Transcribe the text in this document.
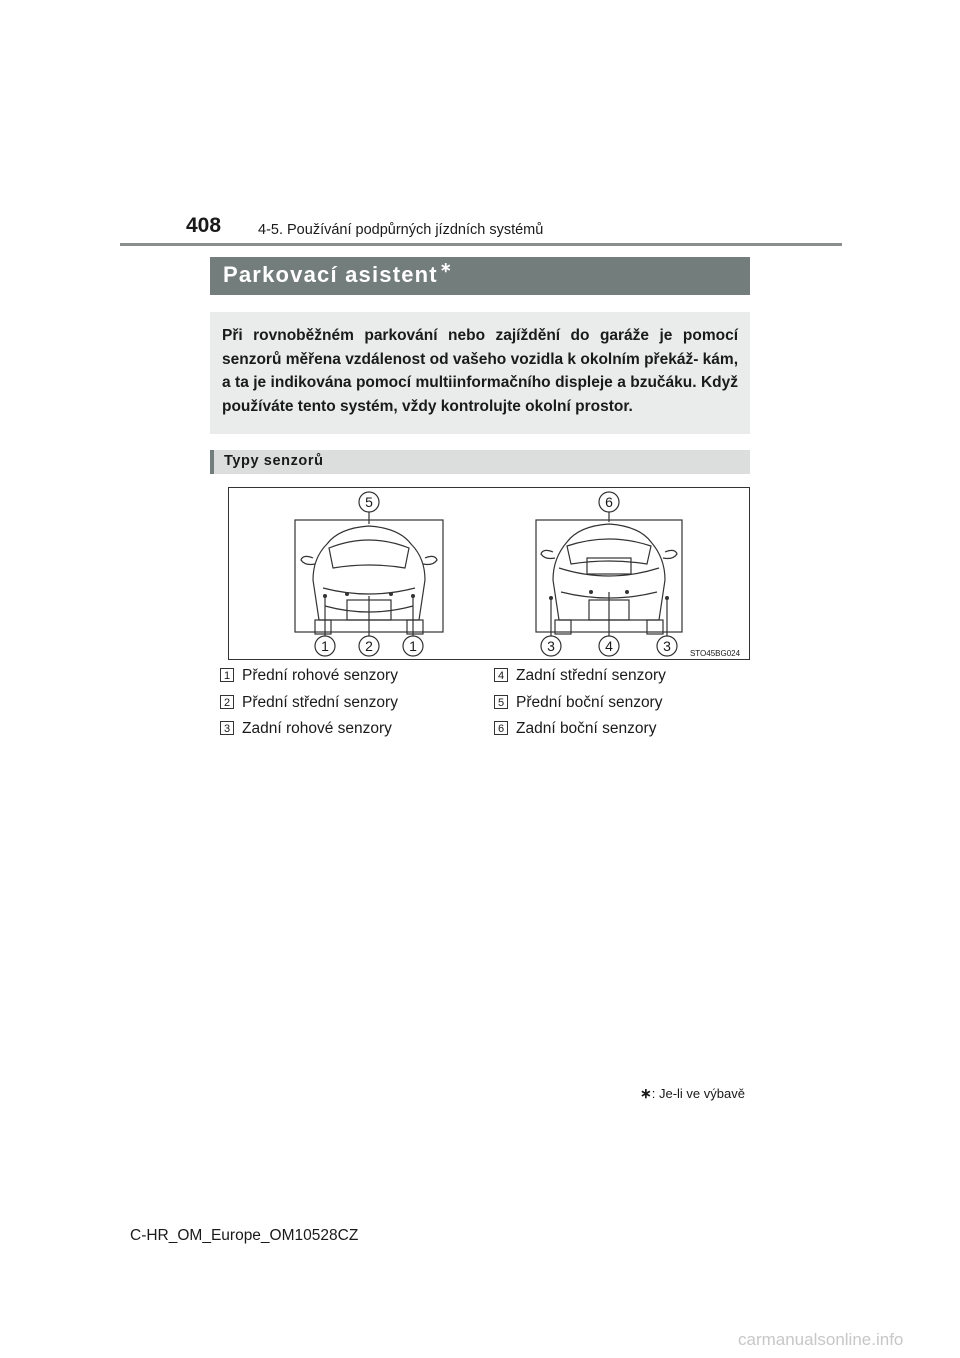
408	4-5. Používání podpůrných jízdních systémů
Parkovací asistent ∗
Při rovnoběžném parkování nebo zajíždění do garáže je pomocí senzorů měřena vzdálenost od vašeho vozidla k okolním překáž- kám, a ta je indikována pomocí multiinformačního displeje a bzučáku. Když používáte tento systém, vždy kontrolujte okolní prostor.
Typy senzorů
1	2	1	3	4	3
5	6
STO45BG024
1 Přední rohové senzory
2 Přední střední senzory
3 Zadní rohové senzory
4 Zadní střední senzory
5 Přední boční senzory
6 Zadní boční senzory
∗: Je-li ve výbavě
C-HR_OM_Europe_OM10528CZ
carmanualsonline.info
